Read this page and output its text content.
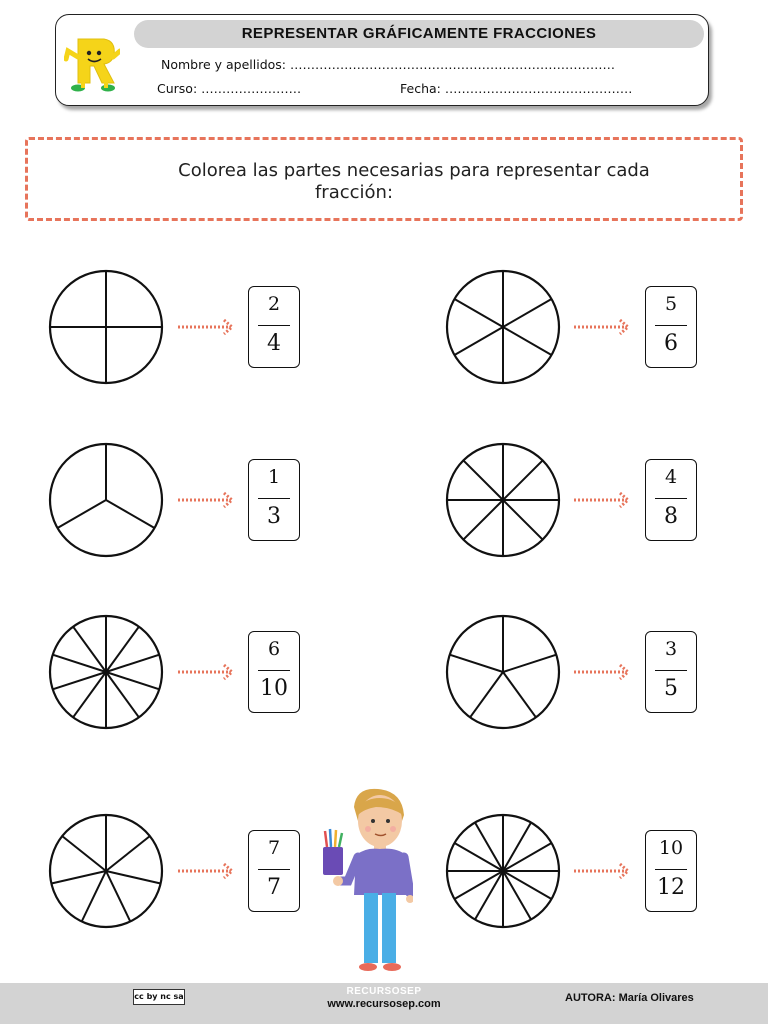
REPRESENTAR GRÁFICAMENTE FRACCIONES
Nombre y apellidos: ……………………………………………………………………
Curso: ……………………	Fecha: ………………………………………
Colorea las partes necesarias para representar cada
fracción:
2
4
5
6
1
3
4
8
6
10
3
5
7
7
10
12
cc by nc sa	RECURSOSEP
www.recursosep.com	AUTORA: María Olivares
